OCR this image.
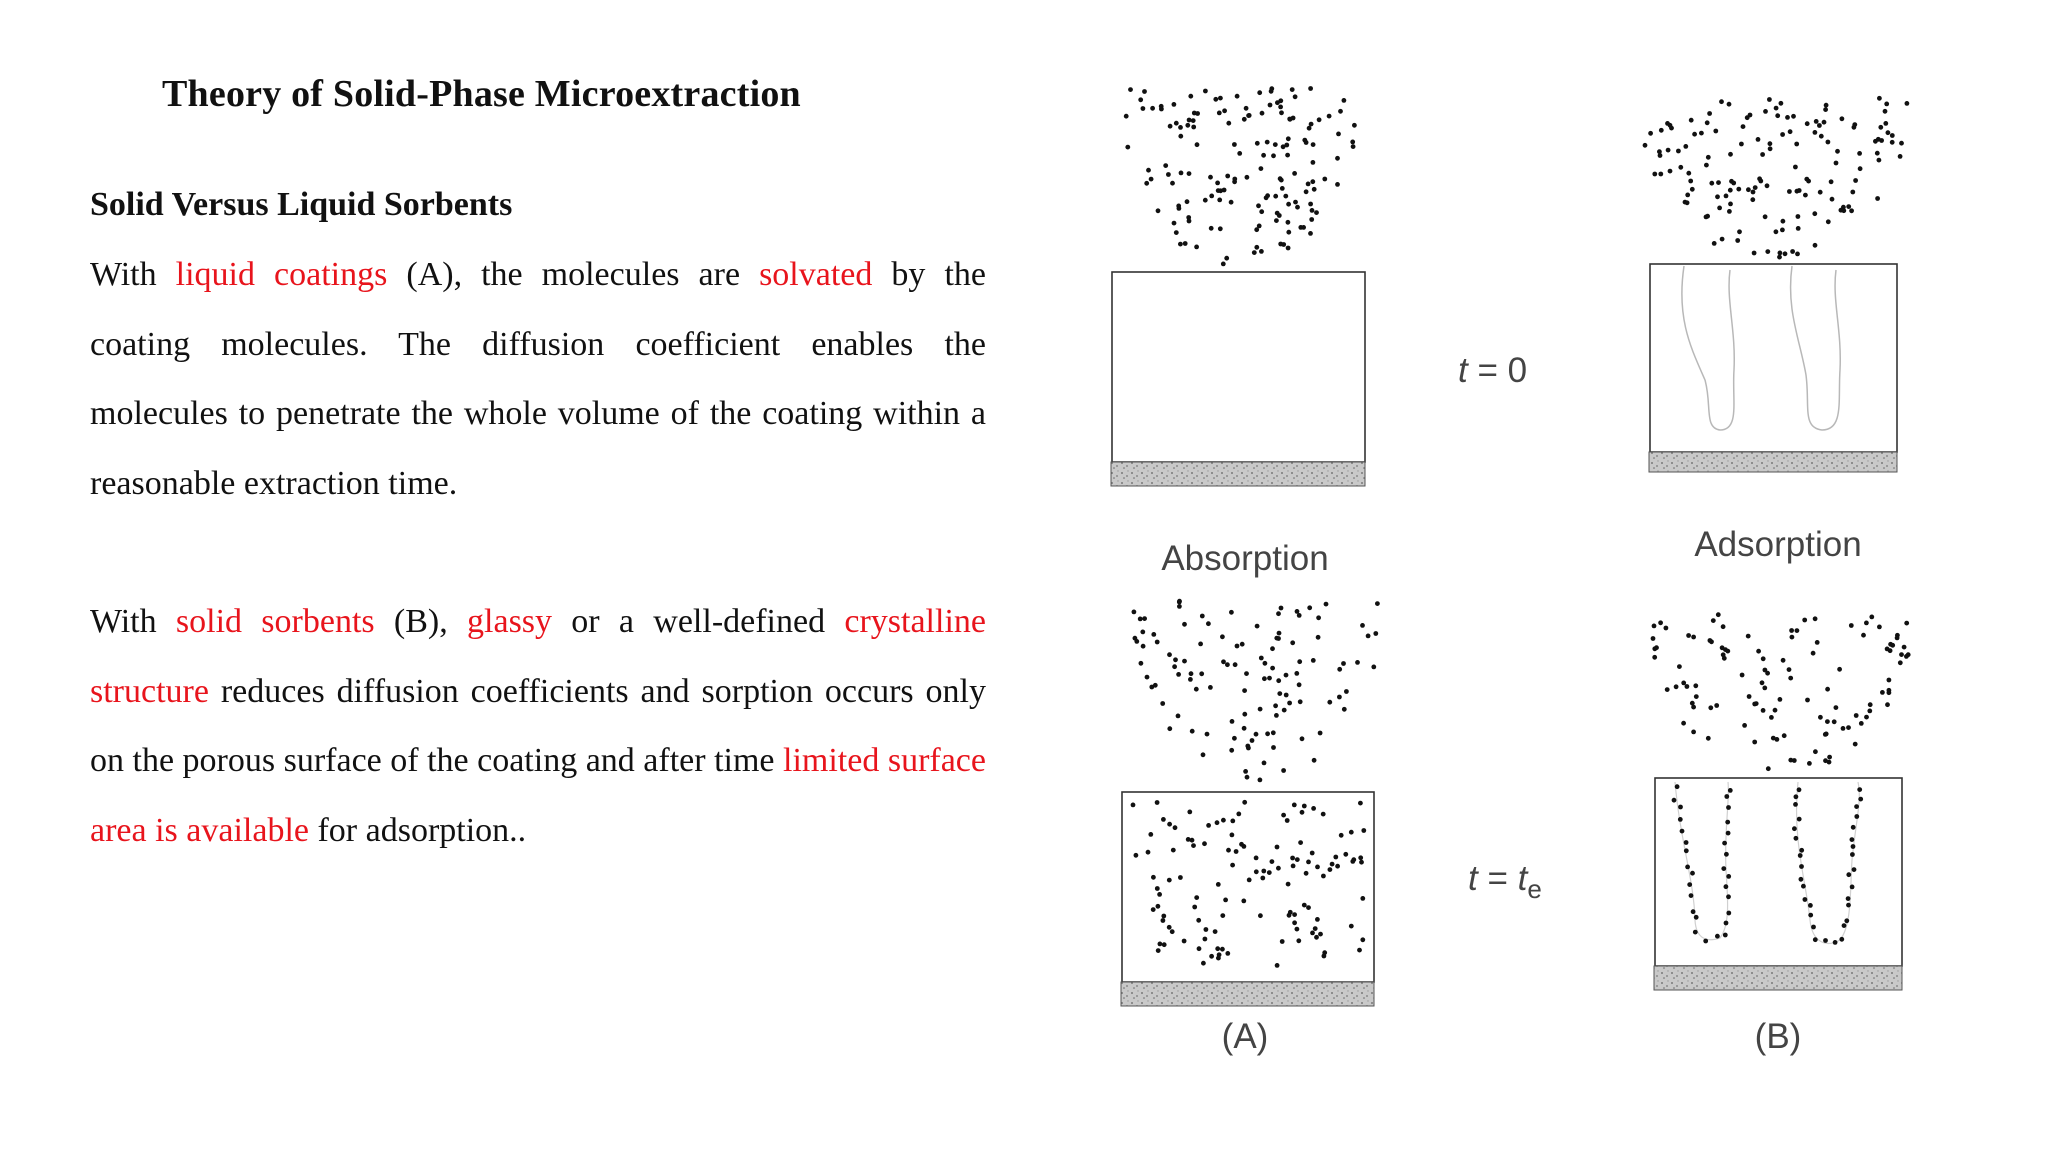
Theory of Solid-Phase Microextraction

Solid Versus Liquid Sorbents

With liquid coatings (A), the molecules are solvated by the coating molecules. The diffusion coefficient enables the molecules to penetrate the whole volume of the coating within a reasonable extraction time.

With solid sorbents (B), glassy or a well-defined crystalline structure reduces diffusion coefficients and sorption occurs only on the porous surface of the coating and after time limited surface area is available for adsorption..

Absorption	Adsorption
t = 0
$t = t_e$
(A)	(B)
